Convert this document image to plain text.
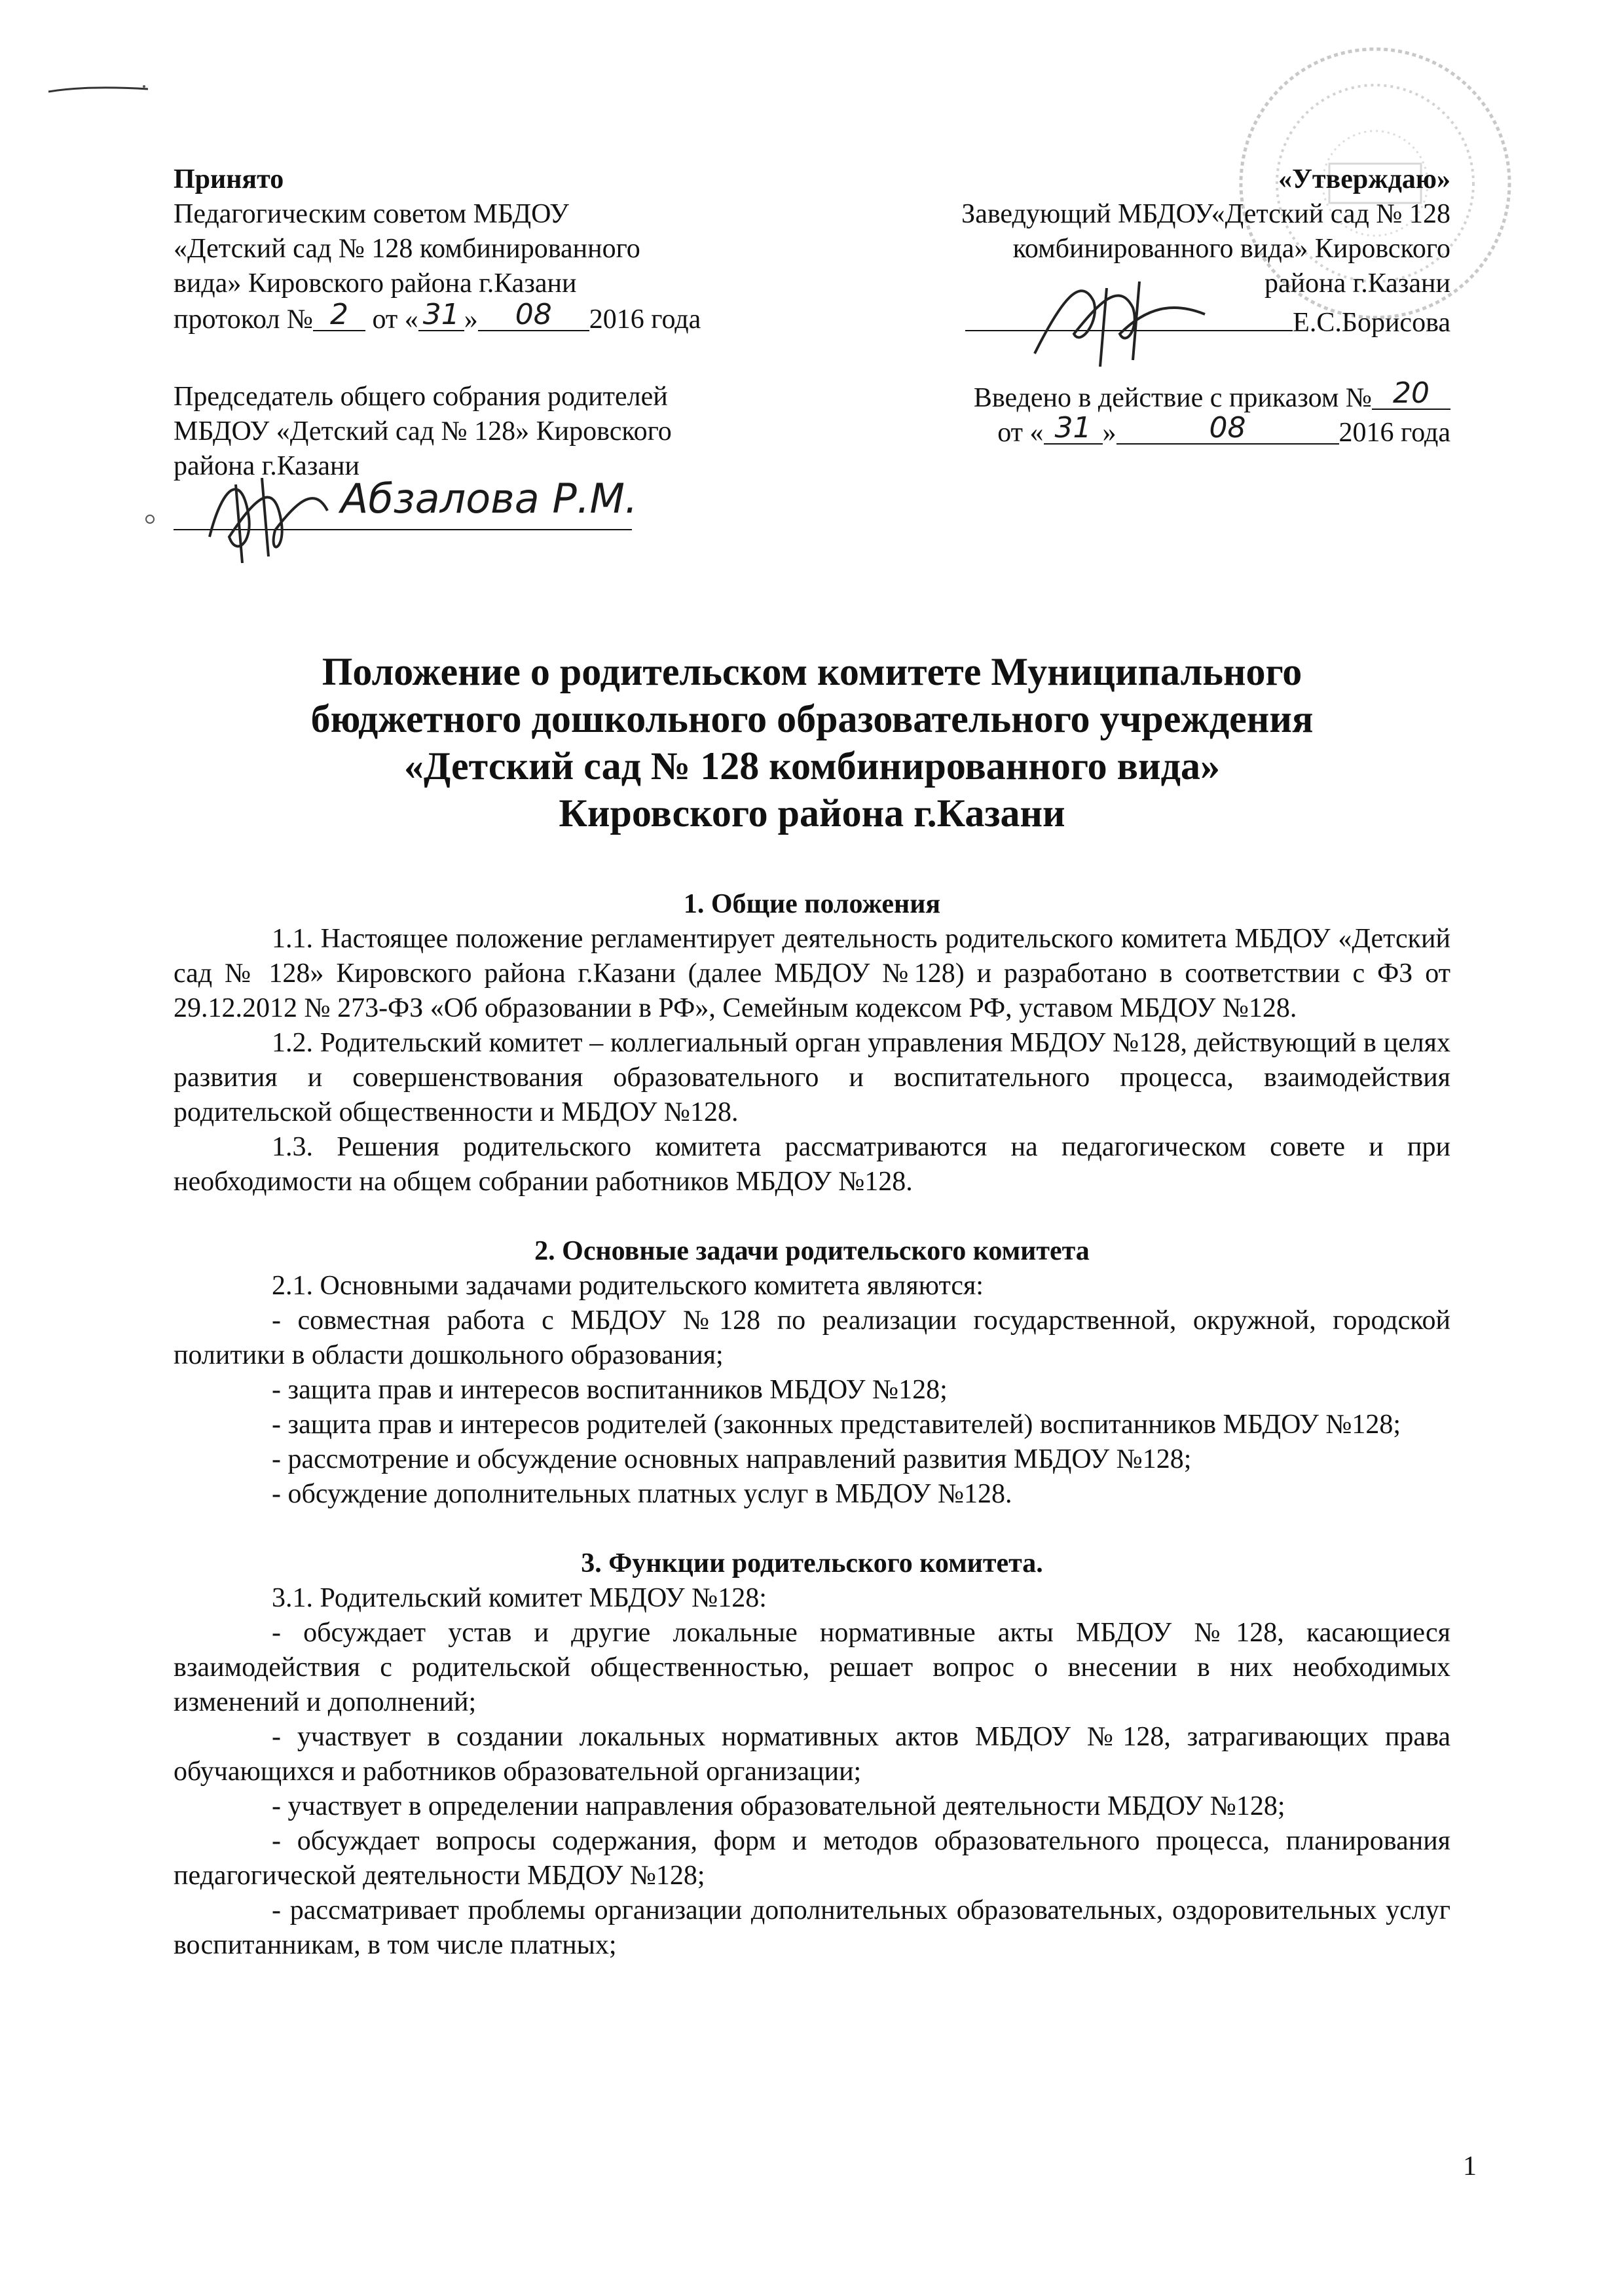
Принято
Педагогическим советом МБДОУ
«Детский сад № 128 комбинированного
вида» Кировского района г.Казани
протокол № 2 от « 31 » 08 2016 года
Председатель общего собрания родителей
МБДОУ «Детский сад № 128» Кировского
района г.Казани
Абзалова Р.М.
«Утверждаю»
Заведующий МБДОУ«Детский сад № 128
комбинированного вида» Кировского
района г.Казани
Е.С.Борисова
Введено в действие с приказом № 20
от « 31 »	08	2016 года
Положение о родительском комитете Муниципального
бюджетного дошкольного образовательного учреждения
«Детский сад № 128 комбинированного вида»
Кировского района г.Казани
1. Общие положения

1.1. Настоящее положение регламентирует деятельность родительского комитета МБДОУ «Детский сад № 128» Кировского района г.Казани (далее МБДОУ №128) и разработано в соответствии с ФЗ от 29.12.2012 № 273-ФЗ «Об образовании в РФ», Семейным кодексом РФ, уставом МБДОУ №128.

1.2. Родительский комитет – коллегиальный орган управления МБДОУ №128, действующий в целях развития и совершенствования образовательного и воспитательного процесса, взаимодействия родительской общественности и МБДОУ №128.

1.3. Решения родительского комитета рассматриваются на педагогическом совете и при необходимости на общем собрании работников МБДОУ №128.

2. Основные задачи родительского комитета

2.1. Основными задачами родительского комитета являются:

- совместная работа с МБДОУ №128 по реализации государственной, окружной, городской политики в области дошкольного образования;

- защита прав и интересов воспитанников МБДОУ №128;

- защита прав и интересов родителей (законных представителей) воспитанников МБДОУ №128;

- рассмотрение и обсуждение основных направлений развития МБДОУ №128;

- обсуждение дополнительных платных услуг в МБДОУ №128.

3. Функции родительского комитета.

3.1. Родительский комитет МБДОУ №128:

- обсуждает устав и другие локальные нормативные акты МБДОУ №128, касающиеся взаимодействия с родительской общественностью, решает вопрос о внесении в них необходимых изменений и дополнений;

- участвует в создании локальных нормативных актов МБДОУ №128, затрагивающих права обучающихся и работников образовательной организации;

- участвует в определении направления образовательной деятельности МБДОУ №128;

- обсуждает вопросы содержания, форм и методов образовательного процесса, планирования педагогической деятельности МБДОУ №128;

- рассматривает проблемы организации дополнительных образовательных, оздоровительных услуг воспитанникам, в том числе платных;

1
